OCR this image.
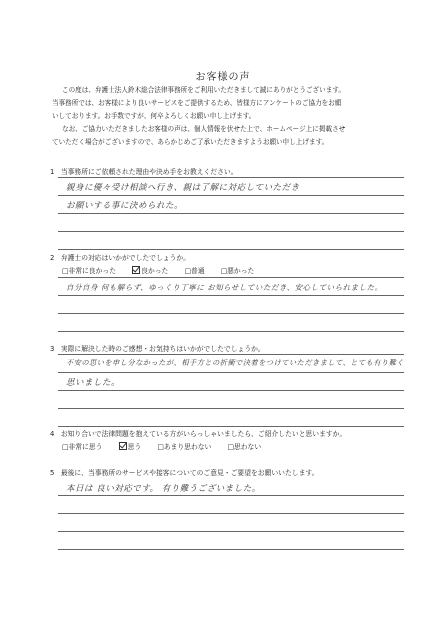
お客様の声
この度は、弁護士法人鈴木総合法律事務所をご利用いただきまして誠にありがとうございます。
当事務所では、お客様により良いサービスをご提供するため、皆様方にアンケートのご協力をお願
いしております。お手数ですが、何卒よろしくお願い申し上げます。
なお、ご協力いただきましたお客様の声は、個人情報を伏せた上で、ホームページ上に掲載させ
ていただく場合がございますので、あらかじめご了承いただきますようお願い申し上げます。
1 当事務所にご依頼された理由や決め手をお教えください。
親身に優々受け相談へ行き、親は了解に対応していただき
お願いする事に決められた。
2 弁護士の対応はいかがでしたでしょうか。
□非常に良かった	良かった □普通 □悪かった
自分自身 何も解らず、ゆっくり丁寧に お知らせしていただき、安心していられました。
3 実際に解決した時のご感想・お気持ちはいかがでしたでしょうか。
不安の思いを申し分なかったが、相手方との折衝で決着をつけていただきまして、とても有り難く
思いました。
4 お知り合いで法律問題を抱えている方がいらっしゃいましたら、ご紹介したいと思いますか。
□非常に思う	思う □あまり思わない □思わない
5 最後に、当事務所のサービスや接客についてのご意見・ご要望をお願いいたします。
本日は 良い対応です。 有り難うございました。
